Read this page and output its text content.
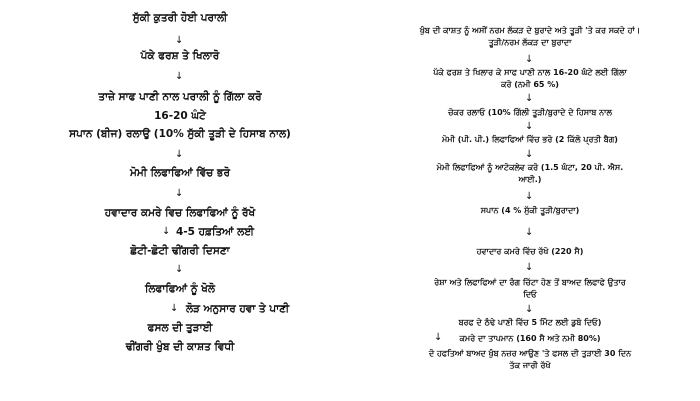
ਸੁੱਕੀ ਕੁਤਰੀ ਹੋਈ ਪਰਾਲੀ
↓
ਪੱਕੇ ਫਰਸ਼ ਤੇ ਖਿਲਾਰੋ
↓
ਤਾਜ਼ੇ ਸਾਫ ਪਾਣੀ ਨਾਲ ਪਰਾਲੀ ਨੂੰ ਗਿੱਲਾ ਕਰੋ
16-20 ਘੰਟੇ
ਸਪਾਨ (ਬੀਜ) ਰਲਾਉ (10% ਸੁੱਕੀ ਤੂੜੀ ਦੇ ਹਿਸਾਬ ਨਾਲ)
↓
ਮੋਮੀ ਲਿਫਾਫਿਆਂ ਵਿੱਚ ਭਰੋ
↓
ਹਵਾਦਾਰ ਕਮਰੇ ਵਿਚ ਲਿਫਾਫਿਆਂ ਨੂੰ ਰੱਖੋ
↓ 4-5 ਹਫ਼ਤਿਆਂ ਲਈ
ਛੋਟੀ-ਛੋਟੀ ਢੀਂਗਰੀ ਦਿਸਣਾ
↓
ਲਿਫਾਫਿਆਂ ਨੂੰ ਖੋਲੋ
↓ ਲੋੜ ਅਨੁਸਾਰ ਹਵਾ ਤੇ ਪਾਣੀ
ਫਸਲ ਦੀ ਤੁੜਾਈ
ਢੀਂਗਰੀ ਖੁੰਬ ਦੀ ਕਾਸ਼ਤ ਵਿਧੀ
ਖੁੰਬ ਦੀ ਕਾਸ਼ਤ ਨੂੰ ਅਸੀਂ ਨਰਮ ਲੱਕੜ ਦੇ ਬੁਰਾਦੇ ਅਤੇ ਤੂੜੀ 'ਤੇ ਕਰ ਸਕਦੇ ਹਾਂ।
ਤੂੜੀ/ਨਰਮ ਲੱਕੜ ਦਾ ਬੁਰਾਦਾ
↓
ਪੱਕੇ ਫਰਸ਼ ਤੇ ਖਿਲਾਰ ਕੇ ਸਾਫ ਪਾਣੀ ਨਾਲ 16-20 ਘੰਟੇ ਲਈ ਗਿੱਲਾ
ਕਰੋ (ਨਮੀ 65 %)
↓
ਚੋਕਰ ਰਲਾਓ (10% ਗਿੱਲੀ ਤੂੜੀ/ਬੁਰਾਦੇ ਦੇ ਹਿਸਾਬ ਨਾਲ
↓
ਮੋਮੀ (ਪੀ. ਪੀ.) ਲਿਫਾਫਿਆਂ ਵਿੱਚ ਭਰੋ (2 ਕਿੱਲੋ ਪ੍ਰਤੀ ਬੈਗ)
↓
ਮੋਮੀ ਲਿਫਾਫਿਆਂ ਨੂੰ ਆਟੋਕਲੇਵ ਕਰੋ (1.5 ਘੰਟਾ, 20 ਪੀ. ਐਸ.
ਆਈ.)
↓
ਸਪਾਨ (4 % ਸੁੱਕੀ ਤੂੜੀ/ਬੁਰਾਦਾ)
↓
ਹਵਾਦਾਰ ਕਮਰੇ ਵਿੱਚ ਰੱਖੋ (220 ਸੈ)
↓
ਰੇਸ਼ਾ ਅਤੇ ਲਿਫਾਫਿਆਂ ਦਾ ਰੰਗ ਚਿੱਟਾ ਹੋਣ ਤੋਂ ਬਾਅਦ ਲਿਫਾਫੇ ਉਤਾਰ
ਦਿਓ
↓
ਬਰਫ ਦੇ ਠੰਢੇ ਪਾਣੀ ਵਿੱਚ 5 ਮਿੰਟ ਲਈ ਡੁਬੋ ਦਿਓ)
↓	ਕਮਰੇ ਦਾ ਤਾਪਮਾਨ (160 ਸੈ ਅਤੇ ਨਮੀ 80%)
ਦੋ ਹਫਤਿਆਂ ਬਾਅਦ ਖੁੰਬ ਨਜ਼ਰ ਆਉਣ 'ਤੇ ਫਸਲ ਦੀ ਤੁੜਾਈ 30 ਦਿਨ
ਤੱਕ ਜਾਰੀ ਰੱਖੋ
